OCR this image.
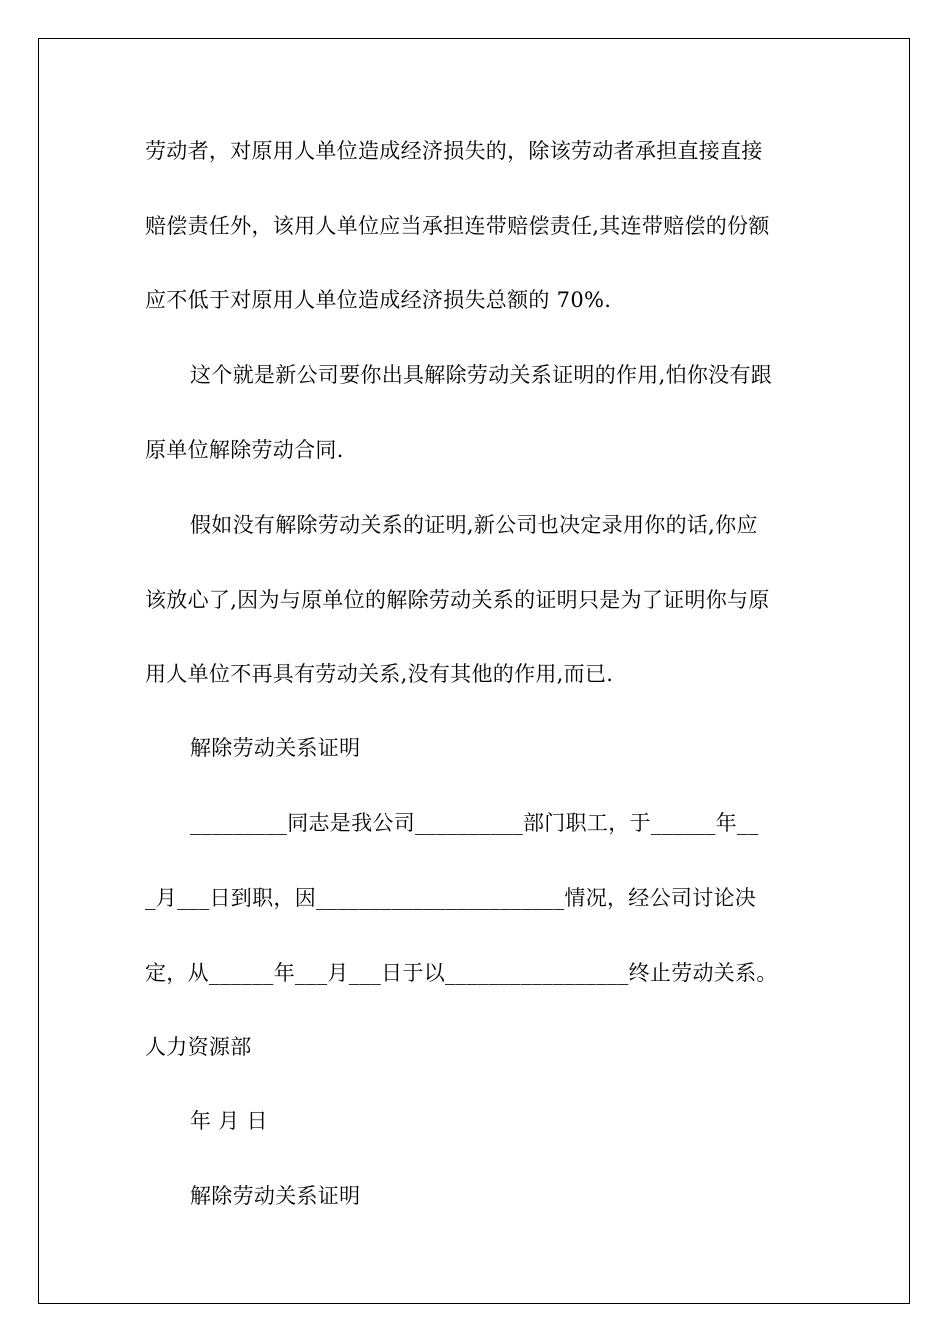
劳动者，对原用人单位造成经济损失的，除该劳动者承担直接直接
赔偿责任外，该用人单位应当承担连带赔偿责任,其连带赔偿的份额
应不低于对原用人单位造成经济损失总额的 70%.
这个就是新公司要你出具解除劳动关系证明的作用,怕你没有跟
原单位解除劳动合同.
假如没有解除劳动关系的证明,新公司也决定录用你的话,你应
该放心了,因为与原单位的解除劳动关系的证明只是为了证明你与原
用人单位不再具有劳动关系,没有其他的作用,而已.
解除劳动关系证明
_________同志是我公司__________部门职工，于______年__
_月___日到职，因_______________________情况，经公司讨论决
定，从______年___月___日于以_________________终止劳动关系。
人力资源部
年 月 日
解除劳动关系证明
